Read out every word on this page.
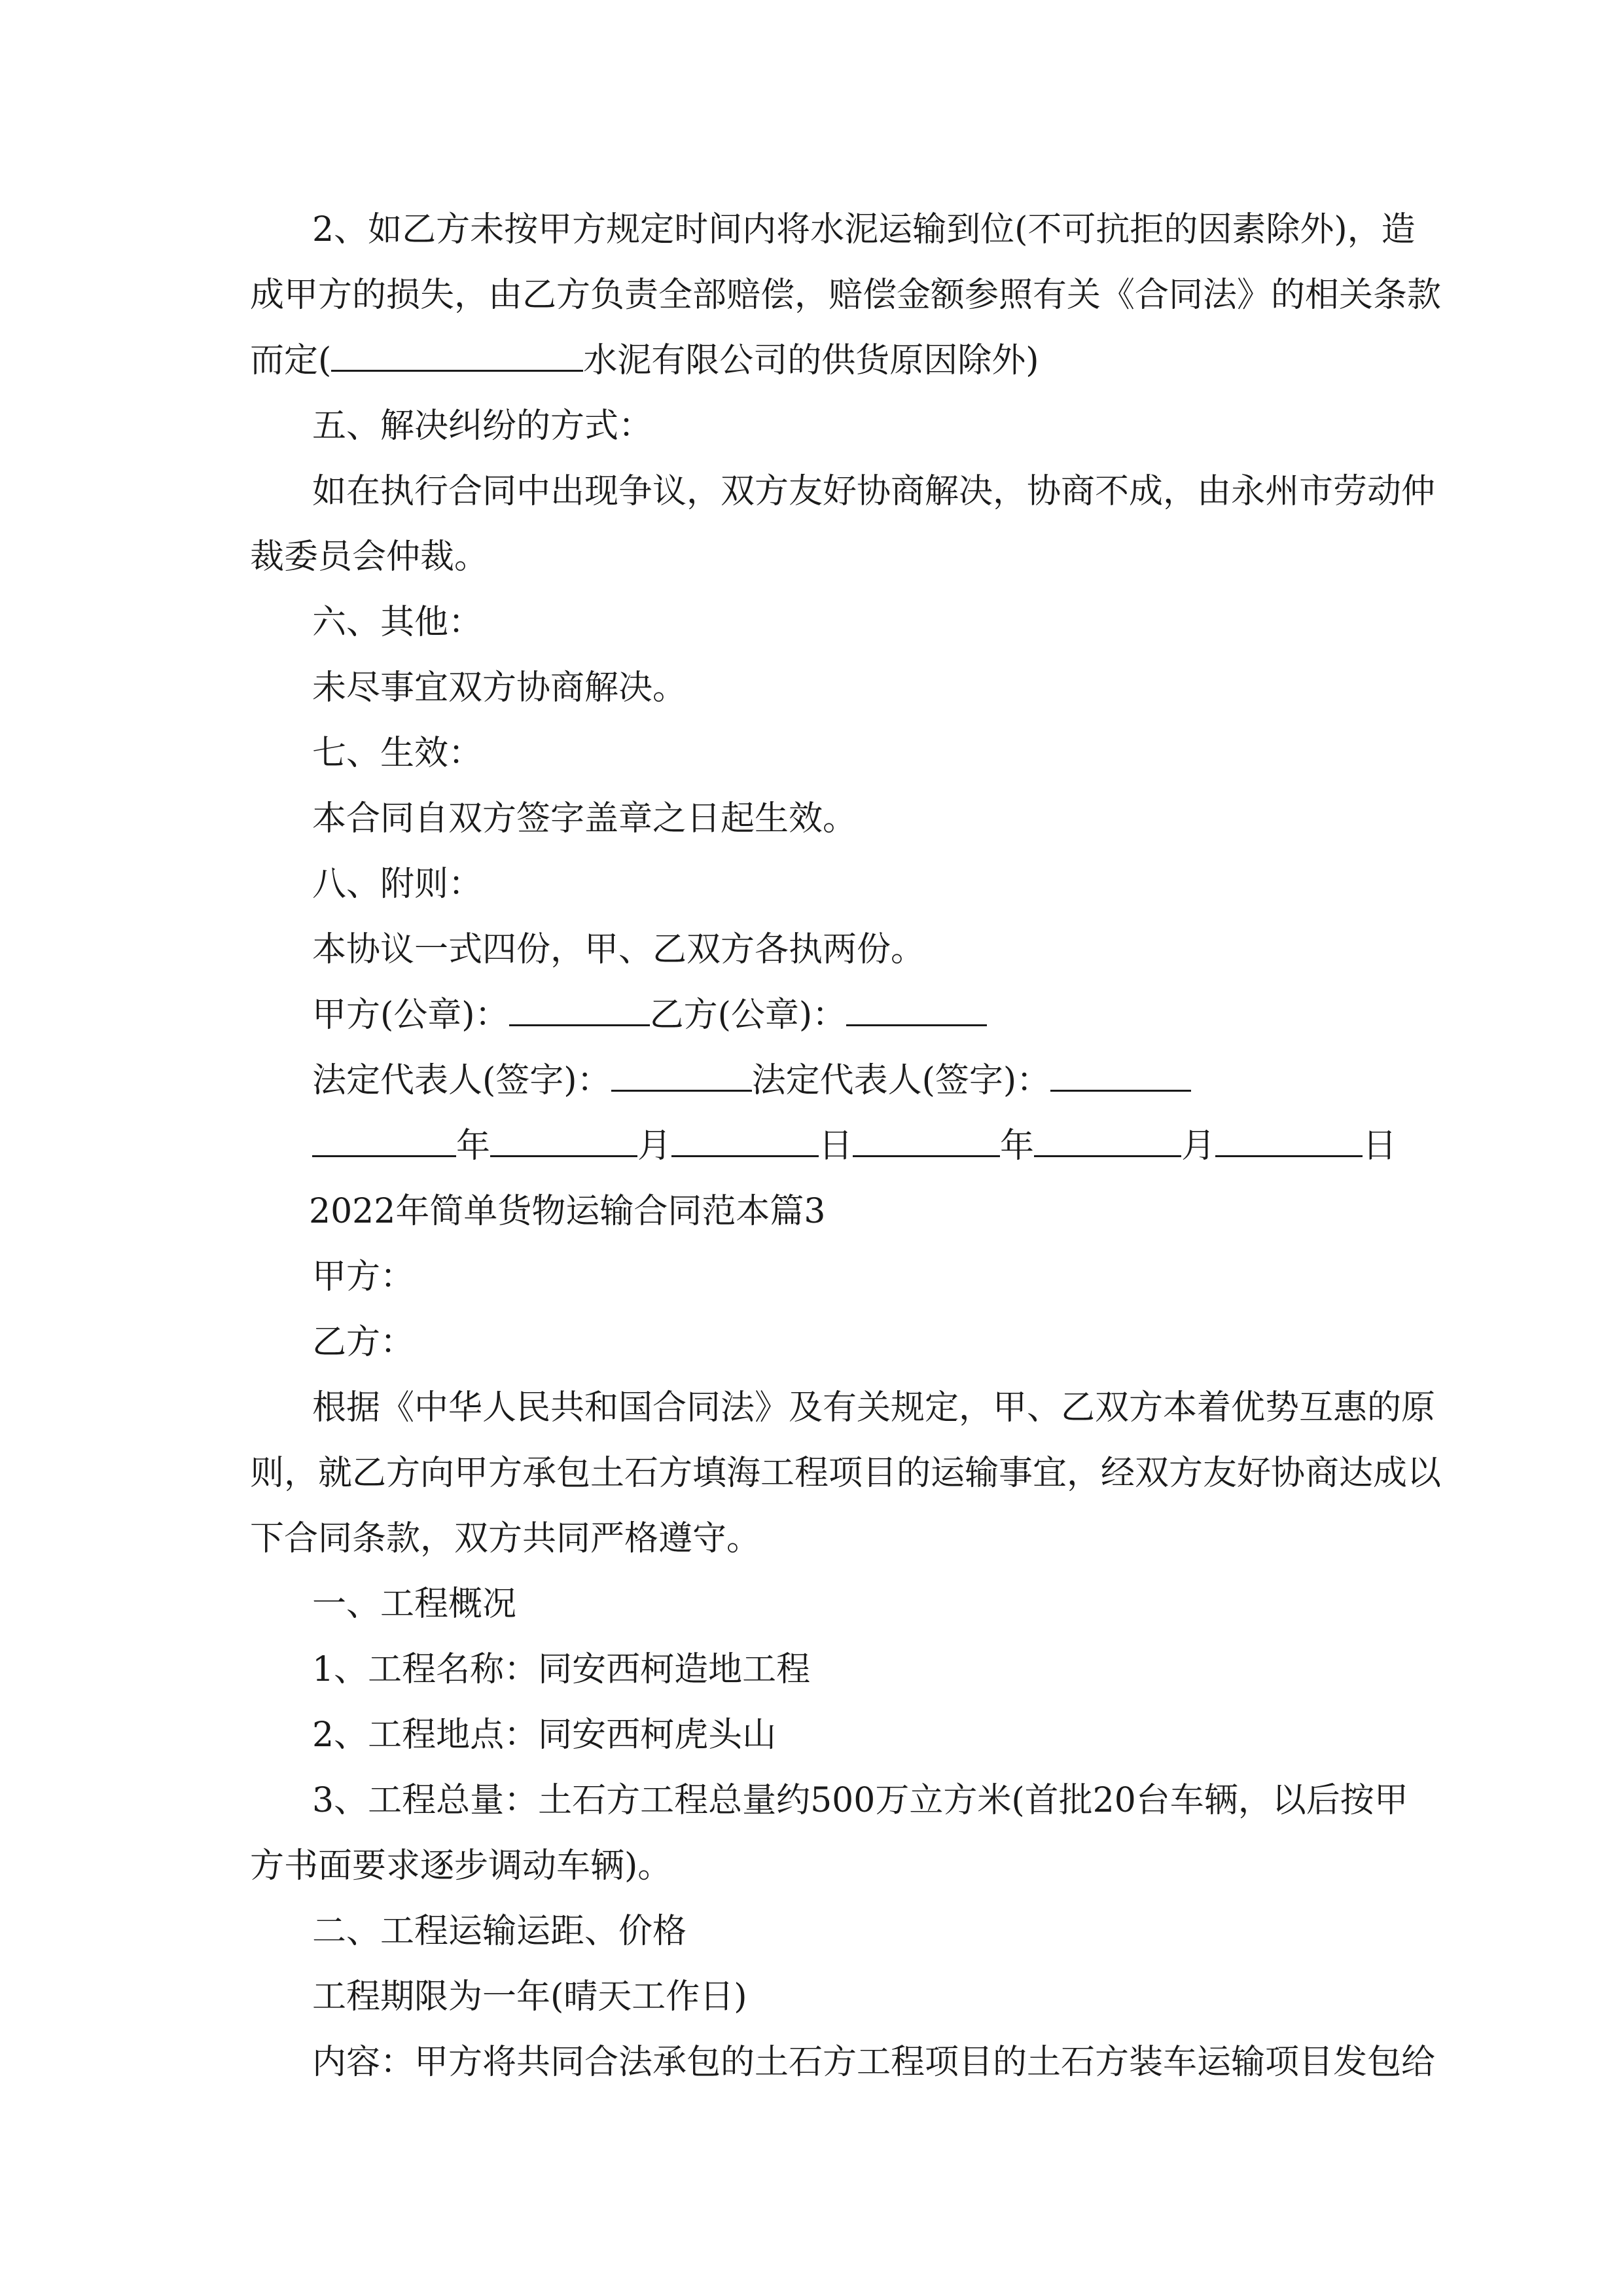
2、如乙方未按甲方规定时间内将水泥运输到位(不可抗拒的因素除外)，造
成甲方的损失，由乙方负责全部赔偿，赔偿金额参照有关《合同法》的相关条款
而定(	水泥有限公司的供货原因除外)
五、解决纠纷的方式：
如在执行合同中出现争议，双方友好协商解决，协商不成，由永州市劳动仲
裁委员会仲裁。
六、其他：
未尽事宜双方协商解决。
七、生效：
本合同自双方签字盖章之日起生效。
八、附则：
本协议一式四份，甲、乙双方各执两份。
甲方(公章)：	乙方(公章)：
法定代表人(签字)：	法定代表人(签字)：
年	月	日	年	月	日
2022年简单货物运输合同范本篇3
甲方：
乙方：
根据《中华人民共和国合同法》及有关规定，甲、乙双方本着优势互惠的原
则，就乙方向甲方承包土石方填海工程项目的运输事宜，经双方友好协商达成以
下合同条款，双方共同严格遵守。
一、工程概况
1、工程名称：同安西柯造地工程
2、工程地点：同安西柯虎头山
3、工程总量：土石方工程总量约500万立方米(首批20台车辆，以后按甲
方书面要求逐步调动车辆)。
二、工程运输运距、价格
工程期限为一年(晴天工作日)
内容：甲方将共同合法承包的土石方工程项目的土石方装车运输项目发包给
